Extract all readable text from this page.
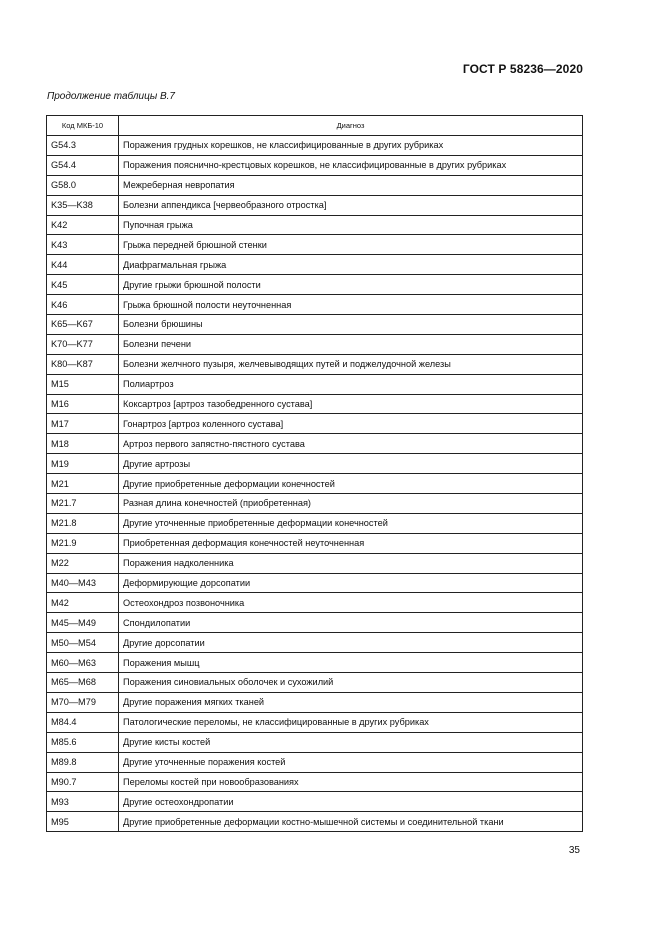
ГОСТ Р 58236—2020
Продолжение таблицы В.7
Код МКБ-10	Диагноз
G54.3	Поражения грудных корешков, не классифицированные в других рубриках
G54.4	Поражения пояснично-крестцовых корешков, не классифицированные в других рубриках
G58.0	Межреберная невропатия
K35—K38	Болезни аппендикса [червеобразного отростка]
K42	Пупочная грыжа
K43	Грыжа передней брюшной стенки
K44	Диафрагмальная грыжа
K45	Другие грыжи брюшной полости
K46	Грыжа брюшной полости неуточненная
K65—K67	Болезни брюшины
K70—K77	Болезни печени
K80—K87	Болезни желчного пузыря, желчевыводящих путей и поджелудочной железы
M15	Полиартроз
M16	Коксартроз [артроз тазобедренного сустава]
M17	Гонартроз [артроз коленного сустава]
M18	Артроз первого запястно-пястного сустава
M19	Другие артрозы
M21	Другие приобретенные деформации конечностей
M21.7	Разная длина конечностей (приобретенная)
M21.8	Другие уточненные приобретенные деформации конечностей
M21.9	Приобретенная деформация конечностей неуточненная
M22	Поражения надколенника
M40—M43	Деформирующие дорсопатии
M42	Остеохондроз позвоночника
M45—M49	Спондилопатии
M50—M54	Другие дорсопатии
M60—M63	Поражения мышц
M65—M68	Поражения синовиальных оболочек и сухожилий
M70—M79	Другие поражения мягких тканей
M84.4	Патологические переломы, не классифицированные в других рубриках
M85.6	Другие кисты костей
M89.8	Другие уточненные поражения костей
M90.7	Переломы костей при новообразованиях
M93	Другие остеохондропатии
M95	Другие приобретенные деформации костно-мышечной системы и соединительной ткани
35
